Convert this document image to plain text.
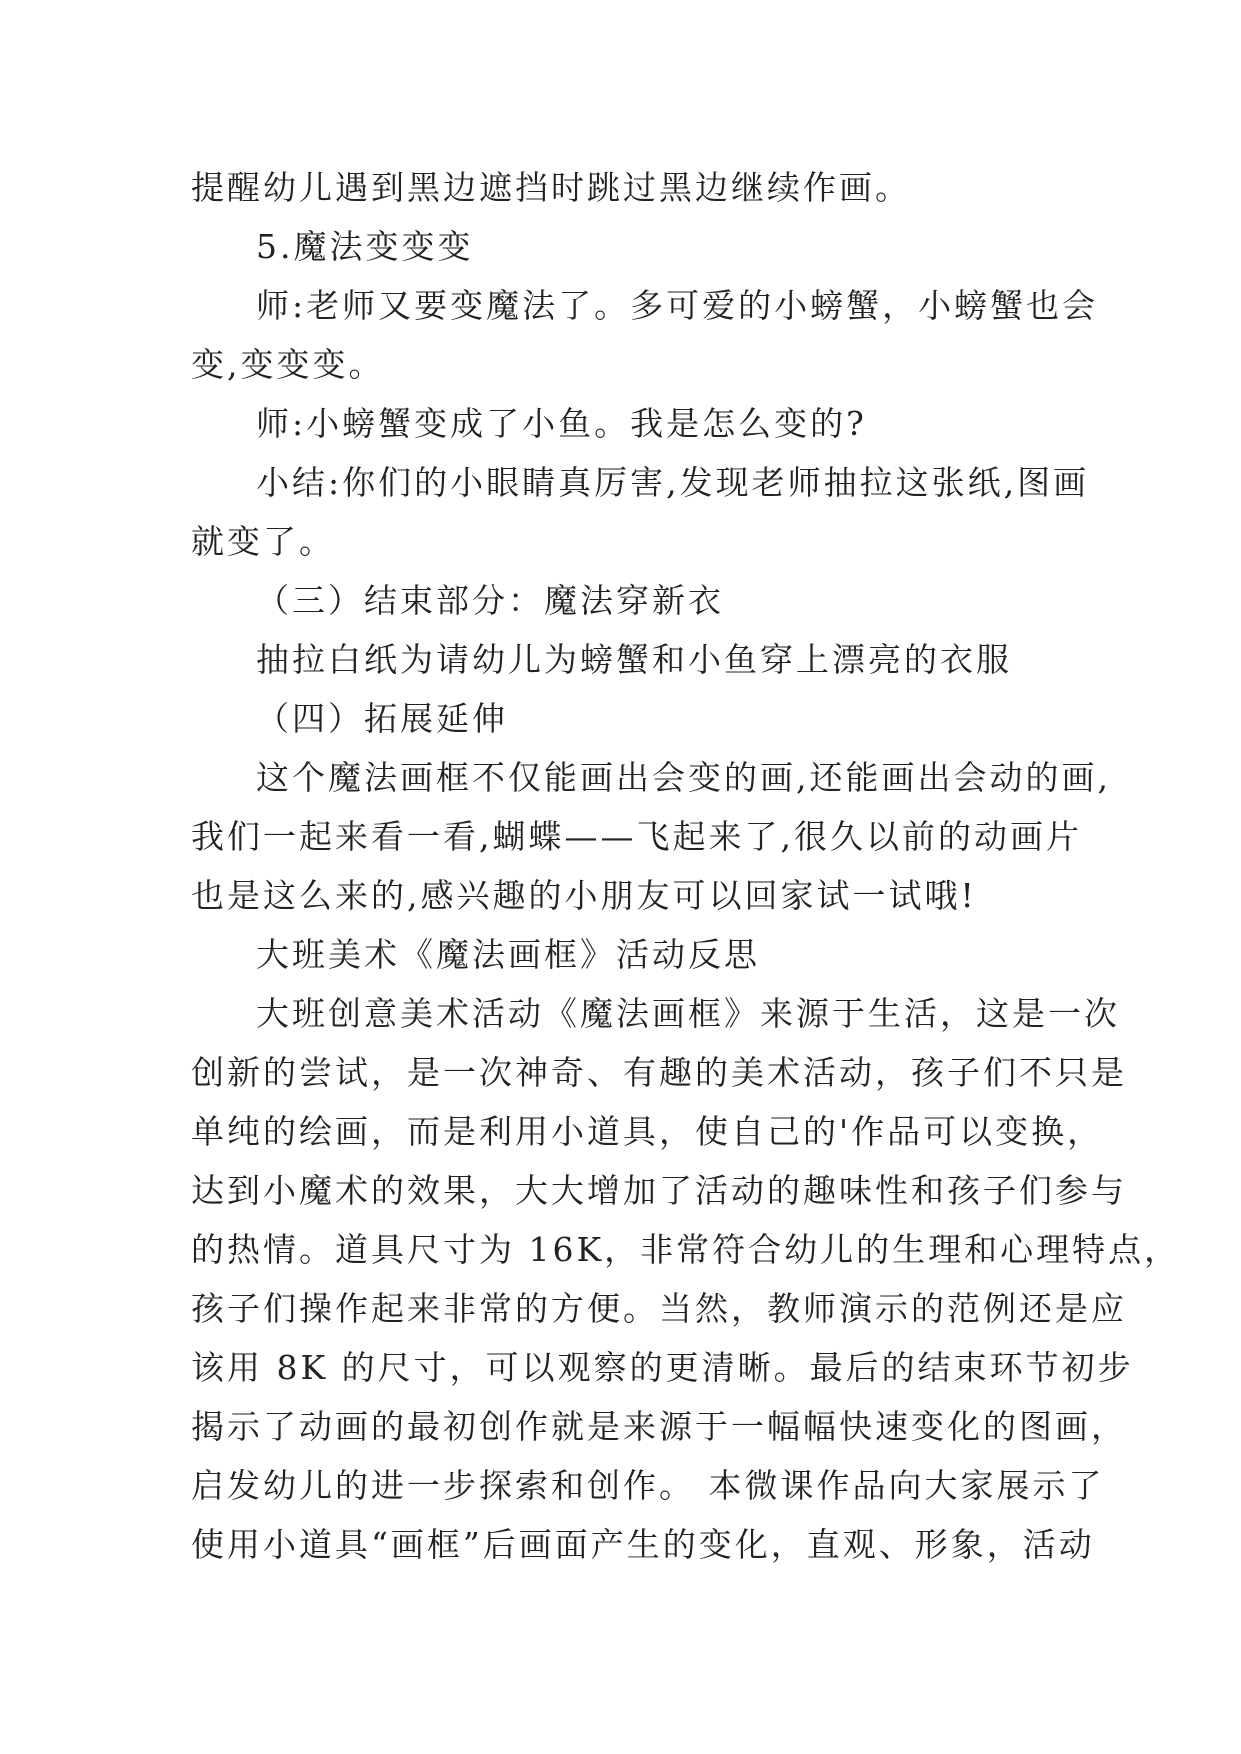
提醒幼儿遇到黑边遮挡时跳过黑边继续作画。
5.魔法变变变
师:老师又要变魔法了。多可爱的小螃蟹，小螃蟹也会
变,变变变。
师:小螃蟹变成了小鱼。我是怎么变的?
小结:你们的小眼睛真厉害,发现老师抽拉这张纸,图画
就变了。
（三）结束部分：魔法穿新衣
抽拉白纸为请幼儿为螃蟹和小鱼穿上漂亮的衣服
（四）拓展延伸
这个魔法画框不仅能画出会变的画,还能画出会动的画,
我们一起来看一看,蝴蝶——飞起来了,很久以前的动画片
也是这么来的,感兴趣的小朋友可以回家试一试哦!
大班美术《魔法画框》活动反思
大班创意美术活动《魔法画框》来源于生活，这是一次
创新的尝试，是一次神奇、有趣的美术活动，孩子们不只是
单纯的绘画，而是利用小道具，使自己的'作品可以变换，
达到小魔术的效果，大大增加了活动的趣味性和孩子们参与
的热情。道具尺寸为 16K，非常符合幼儿的生理和心理特点，
孩子们操作起来非常的方便。当然，教师演示的范例还是应
该用 8K 的尺寸，可以观察的更清晰。最后的结束环节初步
揭示了动画的最初创作就是来源于一幅幅快速变化的图画，
启发幼儿的进一步探索和创作。 本微课作品向大家展示了
使用小道具“画框”后画面产生的变化，直观、形象，活动
